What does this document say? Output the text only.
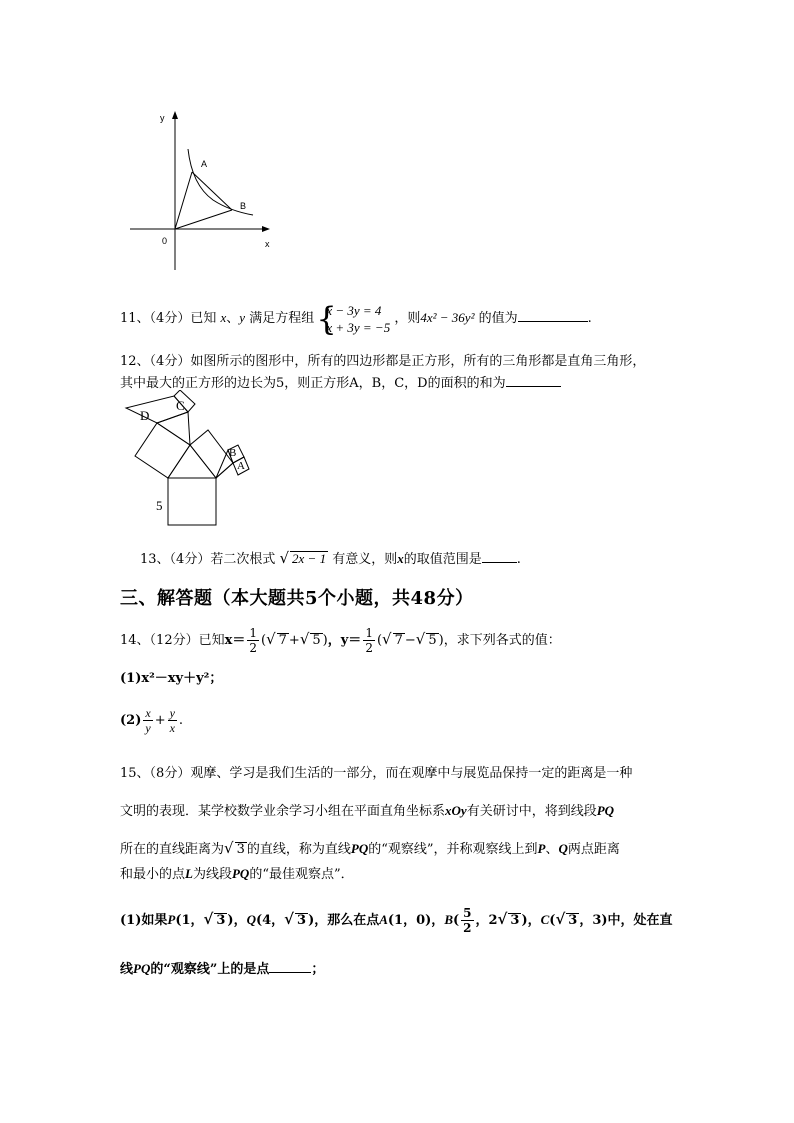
y
x
0
A
B
11、（4分）已知 x、y 满足方程组 {
x − 3y = 4
x + 3y = −5
，则4x² − 36y² 的值为	.
12、（4分）如图所示的图形中，所有的四边形都是正方形，所有的三角形都是直角三角形，
其中最大的正方形的边长为5，则正方形A，B，C，D的面积的和为
D
C
B
A
5
13、（4分）若二次根式 √ 2x − 1 有意义，则x的取值范围是	.
三、解答题（本大题共5个小题，共48分）
14、（12分）已知$x= \frac{1}{2}$ (√ 7 +√ 5 )，$y= \frac{1}{2}$ (√ 7 −√ 5 )，求下列各式的值：
(1)x²－xy＋y²；
$(2) \frac{x}{y} + \frac{y}{x}$ .
15、（8分）观摩、学习是我们生活的一部分，而在观摩中与展览品保持一定的距离是一种
文明的表现．某学校数学业余学习小组在平面直角坐标系xOy有关研讨中，将到线段PQ
所在的直线距离为√ 3 的直线，称为直线PQ的“观察线”，并称观察线上到P、Q两点距离
和最小的点L为线段PQ的“最佳观察点”．
(1)如果P(1，√ 3 )，Q(4，√ 3 )，那么在点A(1，0)，$B( \frac{5}{2}$ ，2√ 3 )，C(√ 3 ，3)中，处在直
线PQ的“观察线”上的是点	；
